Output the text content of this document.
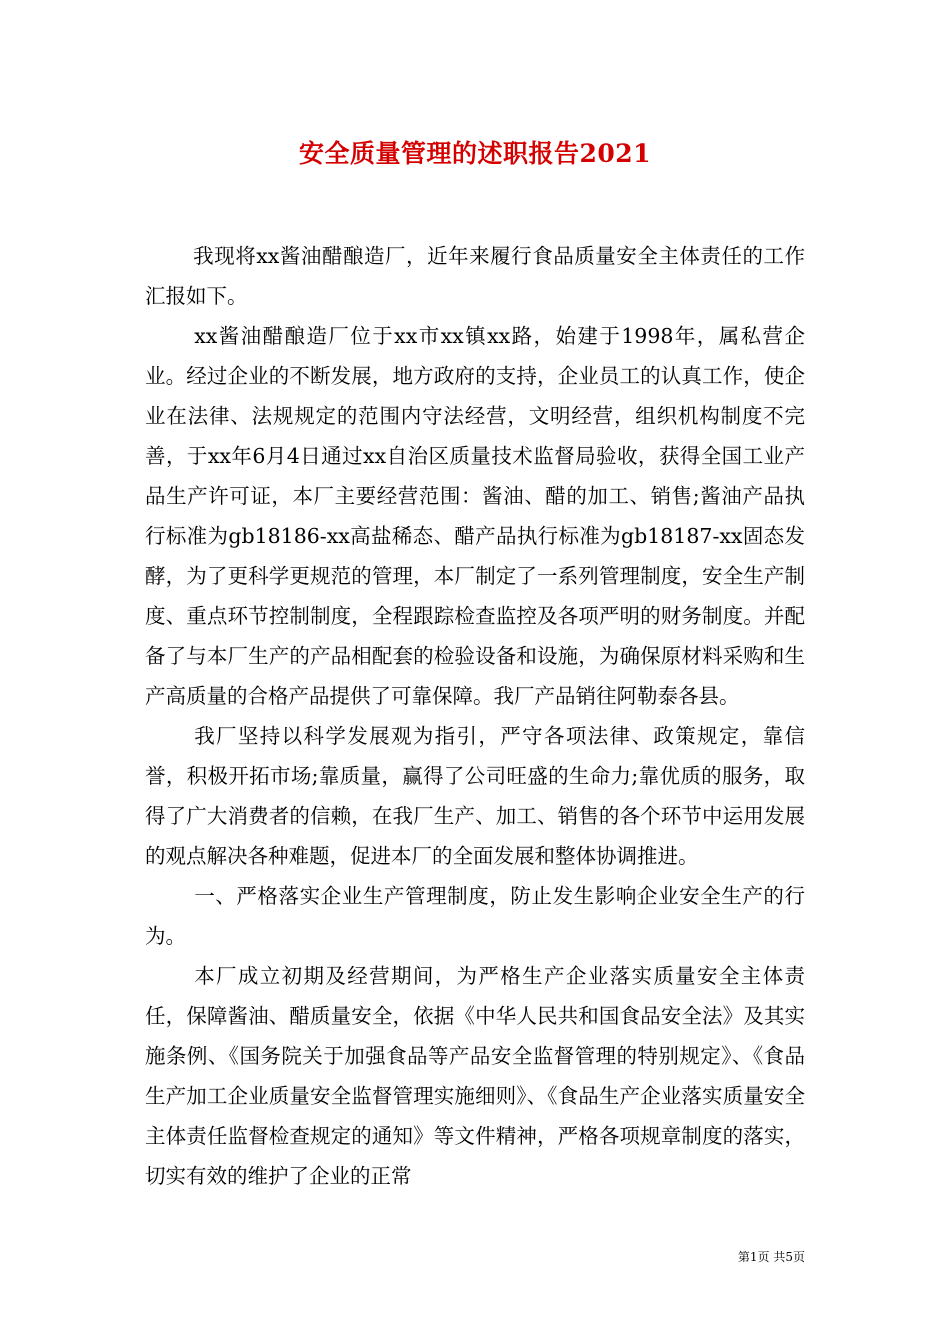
安全质量管理的述职报告2021

我现将xx酱油醋酿造厂，近年来履行食品质量安全主体责任的工作汇报如下。

xx酱油醋酿造厂位于xx市xx镇xx路，始建于1998年，属私营企业。经过企业的不断发展，地方政府的支持，企业员工的认真工作，使企业在法律、法规规定的范围内守法经营，文明经营，组织机构制度不完善，于xx年6月4日通过xx自治区质量技术监督局验收，获得全国工业产品生产许可证，本厂主要经营范围：酱油、醋的加工、销售;酱油产品执行标准为gb18186-xx高盐稀态、醋产品执行标准为gb18187-xx固态发酵，为了更科学更规范的管理，本厂制定了一系列管理制度，安全生产制度、重点环节控制制度，全程跟踪检查监控及各项严明的财务制度。并配备了与本厂生产的产品相配套的检验设备和设施，为确保原材料采购和生产高质量的合格产品提供了可靠保障。我厂产品销往阿勒泰各县。

我厂坚持以科学发展观为指引，严守各项法律、政策规定，靠信誉，积极开拓市场;靠质量，赢得了公司旺盛的生命力;靠优质的服务，取得了广大消费者的信赖，在我厂生产、加工、销售的各个环节中运用发展的观点解决各种难题，促进本厂的全面发展和整体协调推进。

一、严格落实企业生产管理制度，防止发生影响企业安全生产的行为。

本厂成立初期及经营期间，为严格生产企业落实质量安全主体责任，保障酱油、醋质量安全，依据《中华人民共和国食品安全法》及其实施条例、《国务院关于加强食品等产品安全监督管理的特别规定》、《食品生产加工企业质量安全监督管理实施细则》、《食品生产企业落实质量安全主体责任监督检查规定的通知》等文件精神，严格各项规章制度的落实，切实有效的维护了企业的正常

第1页 共5页
